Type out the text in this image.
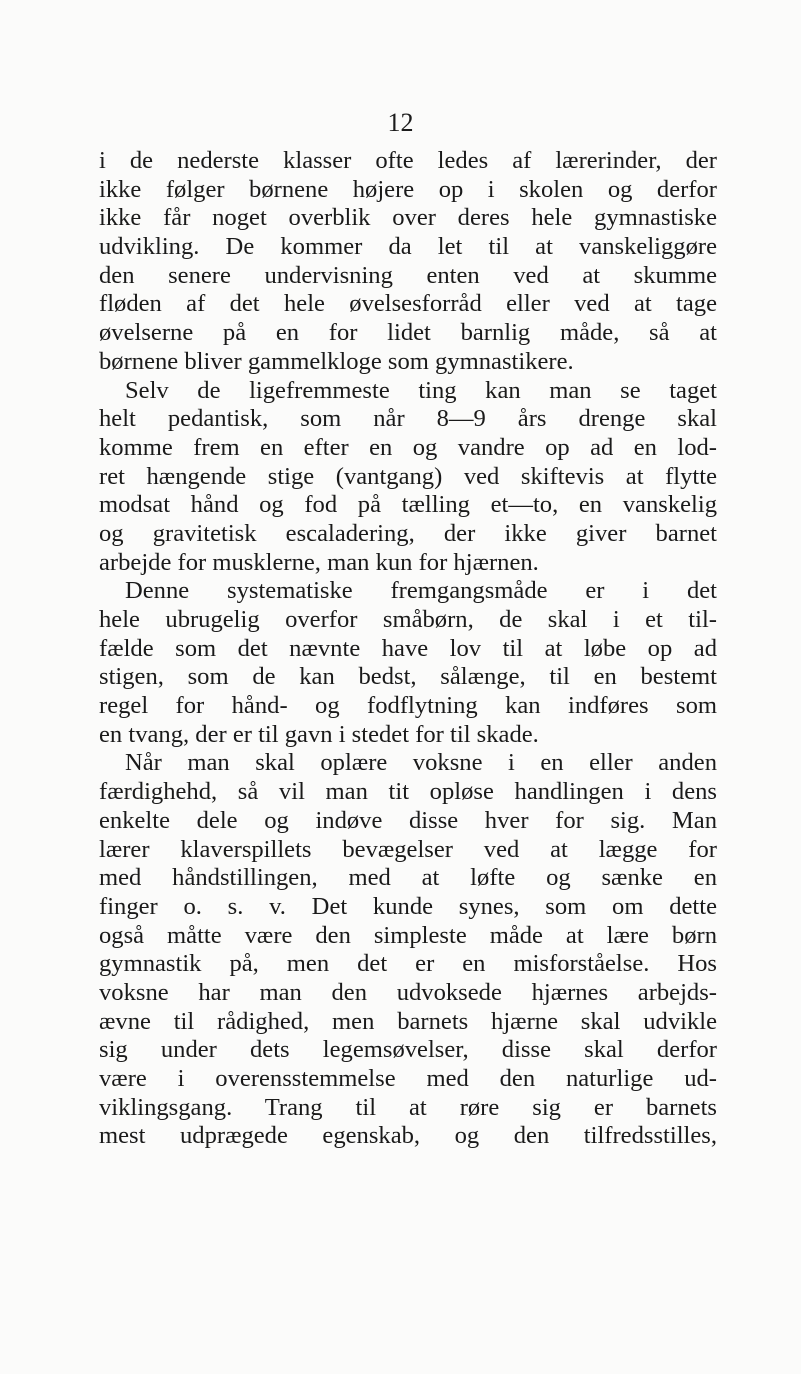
12
i de nederste klasser ofte ledes af lærerinder, der
ikke følger børnene højere op i skolen og derfor
ikke får noget overblik over deres hele gymnastiske
udvikling. De kommer da let til at vanskeliggøre
den senere undervisning enten ved at skumme
fløden af det hele øvelsesforråd eller ved at tage
øvelserne på en for lidet barnlig måde, så at
børnene bliver gammelkloge som gymnastikere.
Selv de ligefremmeste ting kan man se taget
helt pedantisk, som når 8—9 års drenge skal
komme frem en efter en og vandre op ad en lod-
ret hængende stige (vantgang) ved skiftevis at flytte
modsat hånd og fod på tælling et—to, en vanskelig
og gravitetisk escaladering, der ikke giver barnet
arbejde for musklerne, man kun for hjærnen.
Denne systematiske fremgangsmåde er i det
hele ubrugelig overfor småbørn, de skal i et til-
fælde som det nævnte have lov til at løbe op ad
stigen, som de kan bedst, sålænge, til en bestemt
regel for hånd- og fodflytning kan indføres som
en tvang, der er til gavn i stedet for til skade.
Når man skal oplære voksne i en eller anden
færdighehd, så vil man tit opløse handlingen i dens
enkelte dele og indøve disse hver for sig. Man
lærer klaverspillets bevægelser ved at lægge for
med håndstillingen, med at løfte og sænke en
finger o. s. v. Det kunde synes, som om dette
også måtte være den simpleste måde at lære børn
gymnastik på, men det er en misforståelse. Hos
voksne har man den udvoksede hjærnes arbejds-
ævne til rådighed, men barnets hjærne skal udvikle
sig under dets legemsøvelser, disse skal derfor
være i overensstemmelse med den naturlige ud-
viklingsgang. Trang til at røre sig er barnets
mest udprægede egenskab, og den tilfredsstilles,
